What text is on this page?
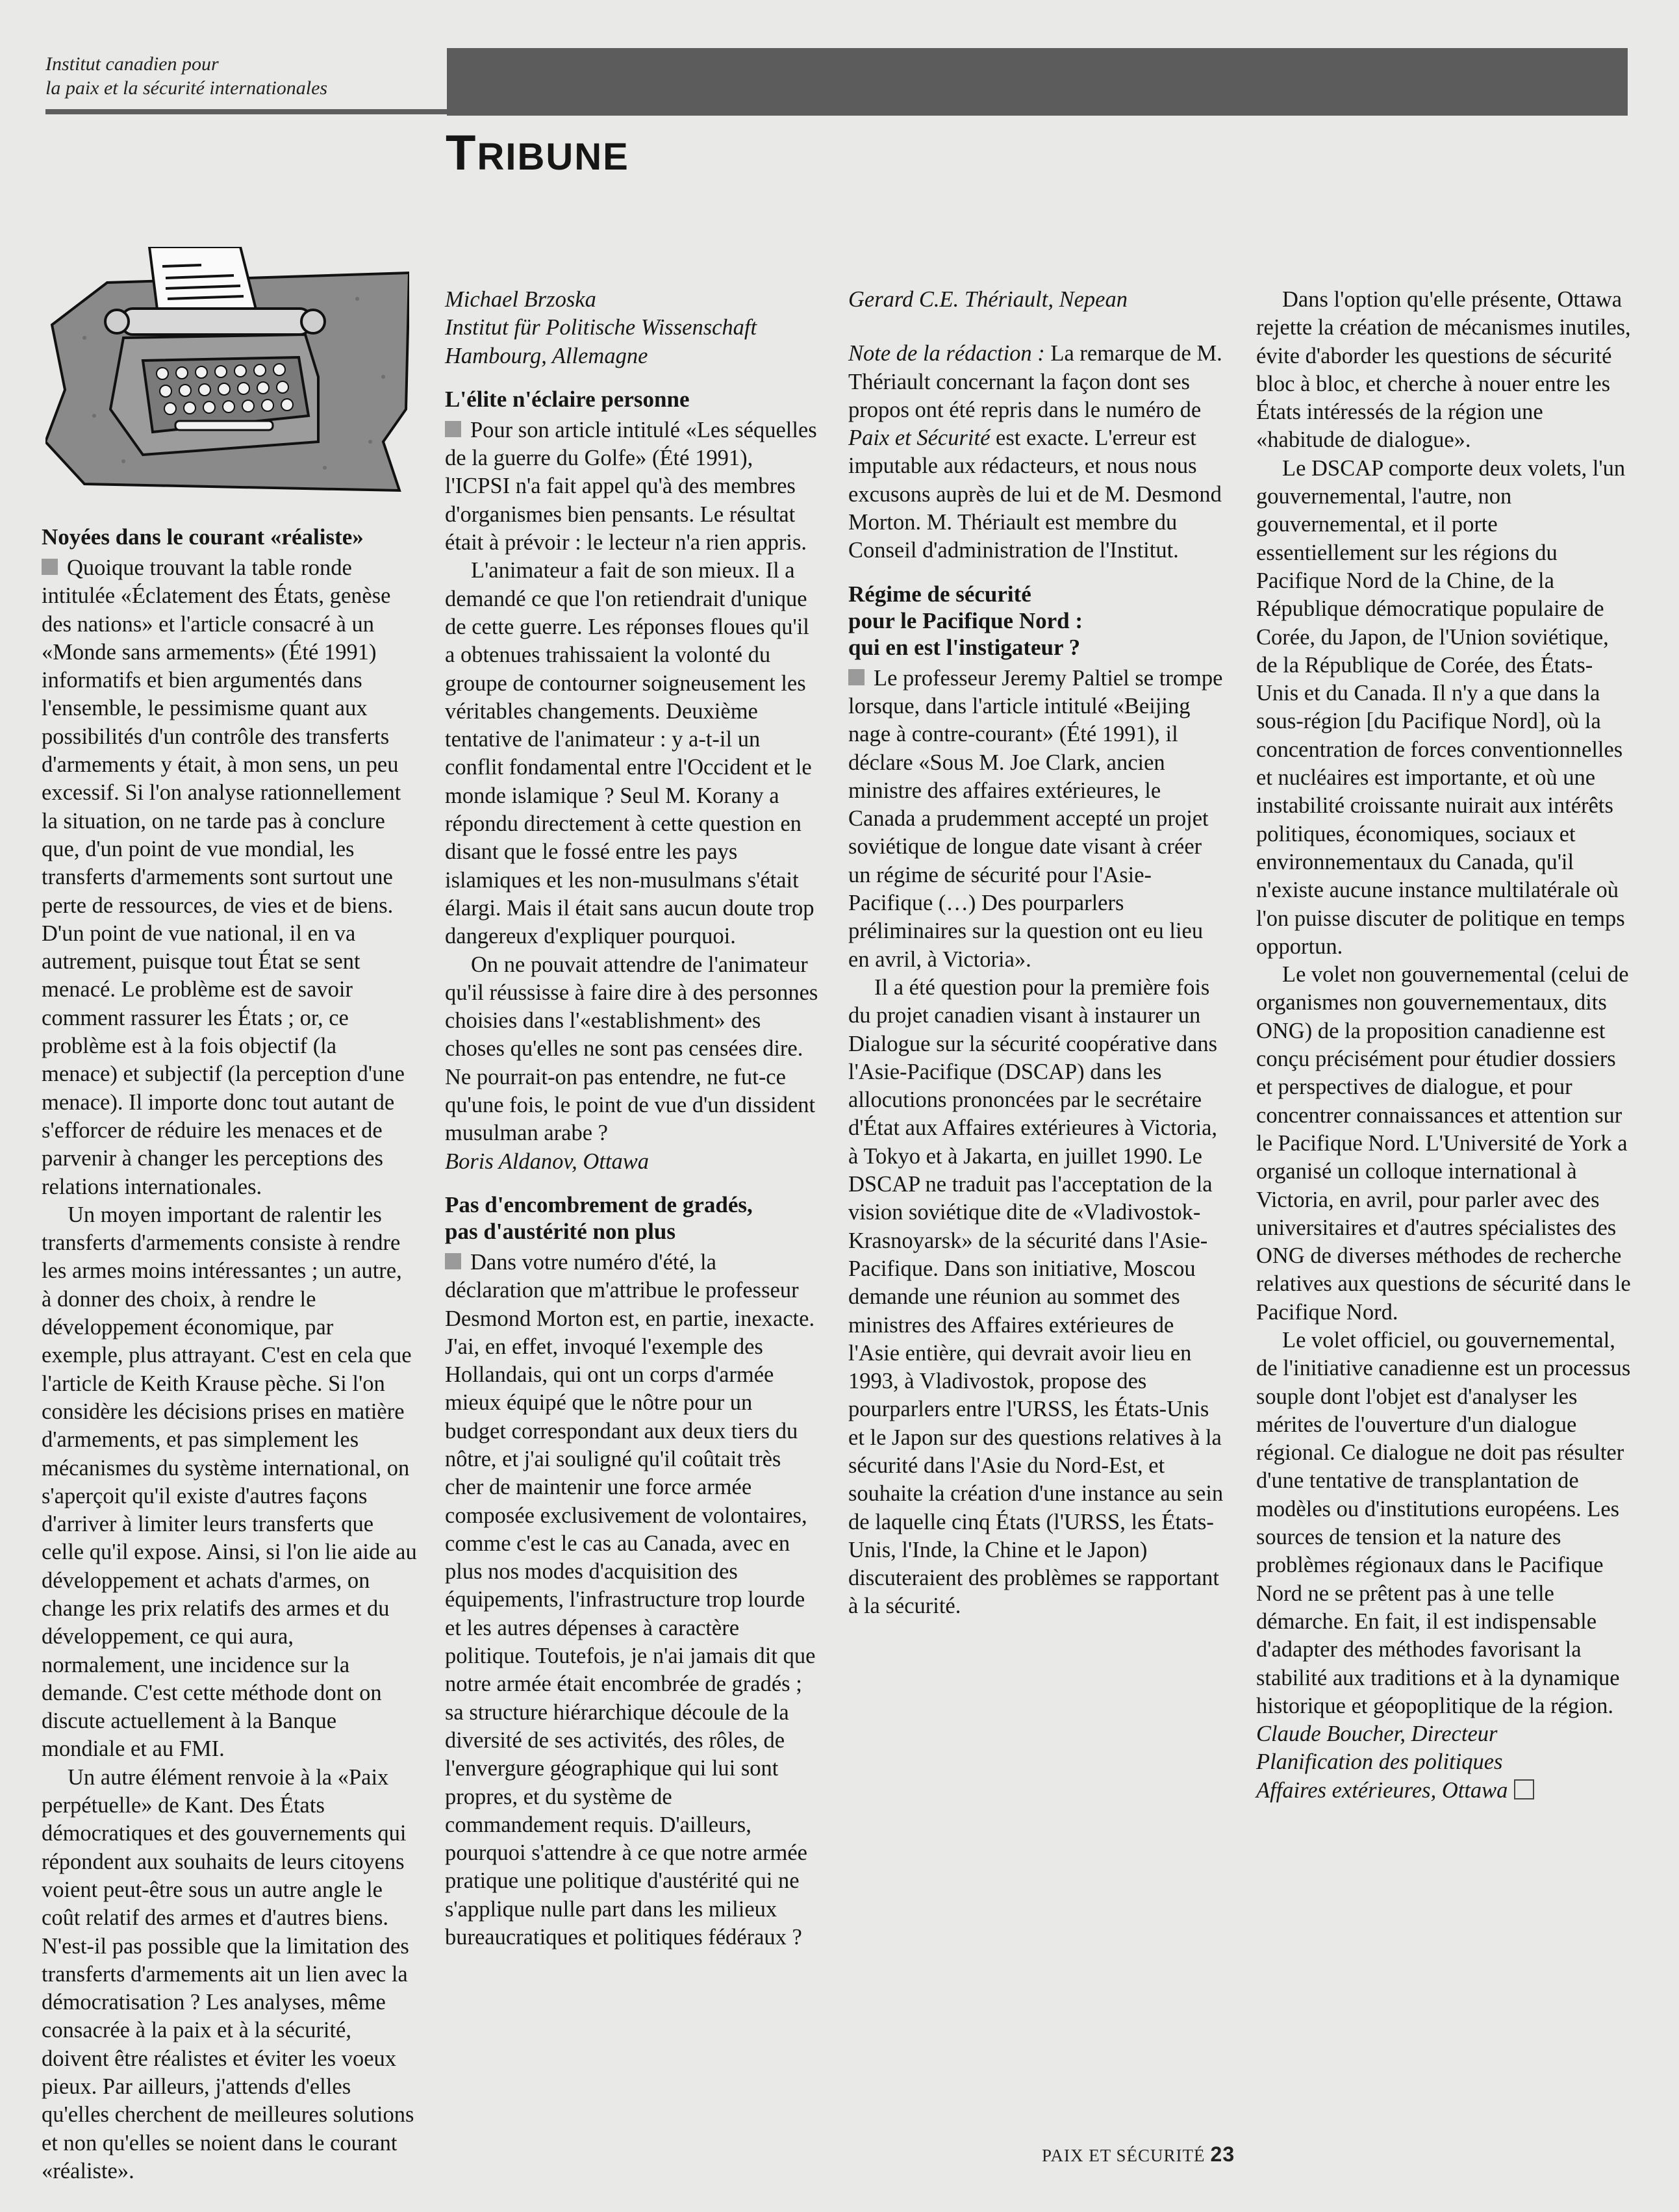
Institut canadien pour
la paix et la sécurité internationales
TRIBUNE
Noyées dans le courant «réaliste»

Quoique trouvant la table ronde intitulée «Éclatement des États, genèse des nations» et l'article consacré à un «Monde sans armements» (Été 1991) informatifs et bien argumentés dans l'ensemble, le pessimisme quant aux possibilités d'un contrôle des transferts d'armements y était, à mon sens, un peu excessif. Si l'on analyse rationnellement la situation, on ne tarde pas à conclure que, d'un point de vue mondial, les transferts d'armements sont surtout une perte de ressources, de vies et de biens. D'un point de vue national, il en va autrement, puisque tout État se sent menacé. Le problème est de savoir comment rassurer les États ; or, ce problème est à la fois objectif (la menace) et subjectif (la perception d'une menace). Il importe donc tout autant de s'efforcer de réduire les menaces et de parvenir à changer les perceptions des relations internationales.

Un moyen important de ralentir les transferts d'armements consiste à rendre les armes moins intéressantes ; un autre, à donner des choix, à rendre le développement économique, par exemple, plus attrayant. C'est en cela que l'article de Keith Krause pèche. Si l'on considère les décisions prises en matière d'armements, et pas simplement les mécanismes du système international, on s'aperçoit qu'il existe d'autres façons d'arriver à limiter leurs transferts que celle qu'il expose. Ainsi, si l'on lie aide au développement et achats d'armes, on change les prix relatifs des armes et du développement, ce qui aura, normalement, une incidence sur la demande. C'est cette méthode dont on discute actuellement à la Banque mondiale et au FMI.

Un autre élément renvoie à la «Paix perpétuelle» de Kant. Des États démocratiques et des gouvernements qui répondent aux souhaits de leurs citoyens voient peut-être sous un autre angle le coût relatif des armes et d'autres biens. N'est-il pas possible que la limitation des transferts d'armements ait un lien avec la démocratisation ? Les analyses, même consacrée à la paix et à la sécurité, doivent être réalistes et éviter les voeux pieux. Par ailleurs, j'attends d'elles qu'elles cherchent de meilleures solutions et non qu'elles se noient dans le courant «réaliste».

Michael Brzoska

Institut für Politische Wissenschaft

Hambourg, Allemagne

L'élite n'éclaire personne

Pour son article intitulé «Les séquelles de la guerre du Golfe» (Été 1991), l'ICPSI n'a fait appel qu'à des membres d'organismes bien pensants. Le résultat était à prévoir : le lecteur n'a rien appris.

L'animateur a fait de son mieux. Il a demandé ce que l'on retiendrait d'unique de cette guerre. Les réponses floues qu'il a obtenues trahissaient la volonté du groupe de contourner soigneusement les véritables changements. Deuxième tentative de l'animateur : y a-t-il un conflit fondamental entre l'Occident et le monde islamique ? Seul M. Korany a répondu directement à cette question en disant que le fossé entre les pays islamiques et les non-musulmans s'était élargi. Mais il était sans aucun doute trop dangereux d'expliquer pourquoi.

On ne pouvait attendre de l'animateur qu'il réussisse à faire dire à des personnes choisies dans l'«establishment» des choses qu'elles ne sont pas censées dire. Ne pourrait-on pas entendre, ne fut-ce qu'une fois, le point de vue d'un dissident musulman arabe ?

Boris Aldanov, Ottawa

Pas d'encombrement de gradés,
pas d'austérité non plus

Dans votre numéro d'été, la déclaration que m'attribue le professeur Desmond Morton est, en partie, inexacte. J'ai, en effet, invoqué l'exemple des Hollandais, qui ont un corps d'armée mieux équipé que le nôtre pour un budget correspondant aux deux tiers du nôtre, et j'ai souligné qu'il coûtait très cher de maintenir une force armée composée exclusivement de volontaires, comme c'est le cas au Canada, avec en plus nos modes d'acquisition des équipements, l'infrastructure trop lourde et les autres dépenses à caractère politique. Toutefois, je n'ai jamais dit que notre armée était encombrée de gradés ; sa structure hiérarchique découle de la diversité de ses activités, des rôles, de l'envergure géographique qui lui sont propres, et du système de commandement requis. D'ailleurs, pourquoi s'attendre à ce que notre armée pratique une politique d'austérité qui ne s'applique nulle part dans les milieux bureaucratiques et politiques fédéraux ?

Gerard C.E. Thériault, Nepean

Note de la rédaction : La remarque de M. Thériault concernant la façon dont ses propos ont été repris dans le numéro de Paix et Sécurité est exacte. L'erreur est imputable aux rédacteurs, et nous nous excusons auprès de lui et de M. Desmond Morton. M. Thériault est membre du Conseil d'administration de l'Institut.

Régime de sécurité
pour le Pacifique Nord :
qui en est l'instigateur ?

Le professeur Jeremy Paltiel se trompe lorsque, dans l'article intitulé «Beijing nage à contre-courant» (Été 1991), il déclare «Sous M. Joe Clark, ancien ministre des affaires extérieures, le Canada a prudemment accepté un projet soviétique de longue date visant à créer un régime de sécurité pour l'Asie-Pacifique (…) Des pourparlers préliminaires sur la question ont eu lieu en avril, à Victoria».

Il a été question pour la première fois du projet canadien visant à instaurer un Dialogue sur la sécurité coopérative dans l'Asie-Pacifique (DSCAP) dans les allocutions prononcées par le secrétaire d'État aux Affaires extérieures à Victoria, à Tokyo et à Jakarta, en juillet 1990. Le DSCAP ne traduit pas l'acceptation de la vision soviétique dite de «Vladivostok-Krasnoyarsk» de la sécurité dans l'Asie-Pacifique. Dans son initiative, Moscou demande une réunion au sommet des ministres des Affaires extérieures de l'Asie entière, qui devrait avoir lieu en 1993, à Vladivostok, propose des pourparlers entre l'URSS, les États-Unis et le Japon sur des questions relatives à la sécurité dans l'Asie du Nord-Est, et souhaite la création d'une instance au sein de laquelle cinq États (l'URSS, les États-Unis, l'Inde, la Chine et le Japon) discuteraient des problèmes se rapportant à la sécurité.

Dans l'option qu'elle présente, Ottawa rejette la création de mécanismes inutiles, évite d'aborder les questions de sécurité bloc à bloc, et cherche à nouer entre les États intéressés de la région une «habitude de dialogue».

Le DSCAP comporte deux volets, l'un gouvernemental, l'autre, non gouvernemental, et il porte essentiellement sur les régions du Pacifique Nord de la Chine, de la République démocratique populaire de Corée, du Japon, de l'Union soviétique, de la République de Corée, des États-Unis et du Canada. Il n'y a que dans la sous-région [du Pacifique Nord], où la concentration de forces conventionnelles et nucléaires est importante, et où une instabilité croissante nuirait aux intérêts politiques, économiques, sociaux et environnementaux du Canada, qu'il n'existe aucune instance multilatérale où l'on puisse discuter de politique en temps opportun.

Le volet non gouvernemental (celui de organismes non gouvernementaux, dits ONG) de la proposition canadienne est conçu précisément pour étudier dossiers et perspectives de dialogue, et pour concentrer connaissances et attention sur le Pacifique Nord. L'Université de York a organisé un colloque international à Victoria, en avril, pour parler avec des universitaires et d'autres spécialistes des ONG de diverses méthodes de recherche relatives aux questions de sécurité dans le Pacifique Nord.

Le volet officiel, ou gouvernemental, de l'initiative canadienne est un processus souple dont l'objet est d'analyser les mérites de l'ouverture d'un dialogue régional. Ce dialogue ne doit pas résulter d'une tentative de transplantation de modèles ou d'institutions européens. Les sources de tension et la nature des problèmes régionaux dans le Pacifique Nord ne se prêtent pas à une telle démarche. En fait, il est indispensable d'adapter des méthodes favorisant la stabilité aux traditions et à la dynamique historique et géopoplitique de la région.

Claude Boucher, Directeur

Planification des politiques

Affaires extérieures, Ottawa

PAIX ET SÉCURITÉ 23
